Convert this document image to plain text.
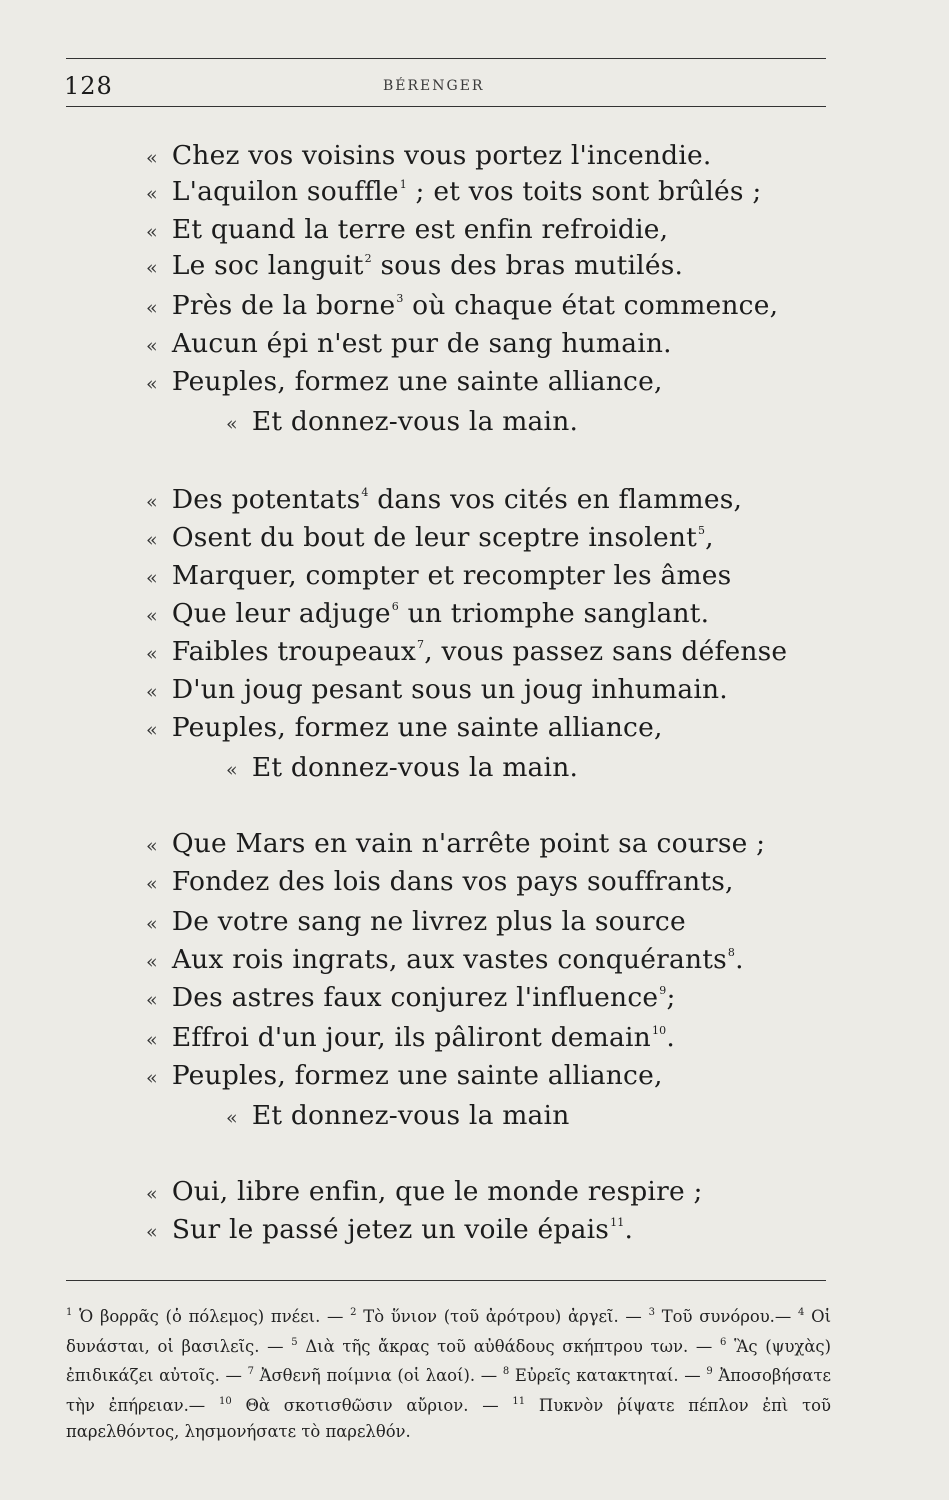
128	BÉRENGER
« Chez vos voisins vous portez l'incendie.
« L'aquilon souffle$^1$ ; et vos toits sont brûlés ;
« Et quand la terre est enfin refroidie,
« Le soc languit$^2$ sous des bras mutilés.
« Près de la borne$^3$ où chaque état commence,
« Aucun épi n'est pur de sang humain.
« Peuples, formez une sainte alliance,
« Et donnez-vous la main.
« Des potentats$^4$ dans vos cités en flammes,
« Osent du bout de leur sceptre insolent$^5$,
« Marquer, compter et recompter les âmes
« Que leur adjuge$^6$ un triomphe sanglant.
« Faibles troupeaux$^7$, vous passez sans défense
« D'un joug pesant sous un joug inhumain.
« Peuples, formez une sainte alliance,
« Et donnez-vous la main.
« Que Mars en vain n'arrête point sa course ;
« Fondez des lois dans vos pays souffrants,
« De votre sang ne livrez plus la source
« Aux rois ingrats, aux vastes conquérants$^8$.
« Des astres faux conjurez l'influence$^9$;
« Effroi d'un jour, ils pâliront demain$^{10}$.
« Peuples, formez une sainte alliance,
« Et donnez-vous la main
« Oui, libre enfin, que le monde respire ;
« Sur le passé jetez un voile épais$^{11}$.
$^1$ Ὁ βορρᾶς (ὁ πόλεμος) πνέει. — $^2$ Τὸ ὕνιον (τοῦ ἀρότρου) ἀργεῖ. — $^3$ Τοῦ συνόρου.— $^4$ Οἱ δυνάσται, οἱ βασιλεῖς. — $^5$ Διὰ τῆς ἄκρας τοῦ αὐθάδους σκήπτρου των. — $^6$ Ἃς (ψυχὰς) ἐπιδικάζει αὐτοῖς. — $^7$ Ἀσθενῆ ποίμνια (οἱ λαοί). — $^8$ Εὐρεῖς κατακτηταί. — $^9$ Ἀποσοβήσατε τὴν ἐπήρειαν.— $^{10}$ Θὰ σκοτισθῶσιν αὔριον. — $^{11}$ Πυκνὸν ῥίψατε πέπλον ἐπὶ τοῦ παρελθόντος, λησμονήσατε τὸ παρελθόν.
